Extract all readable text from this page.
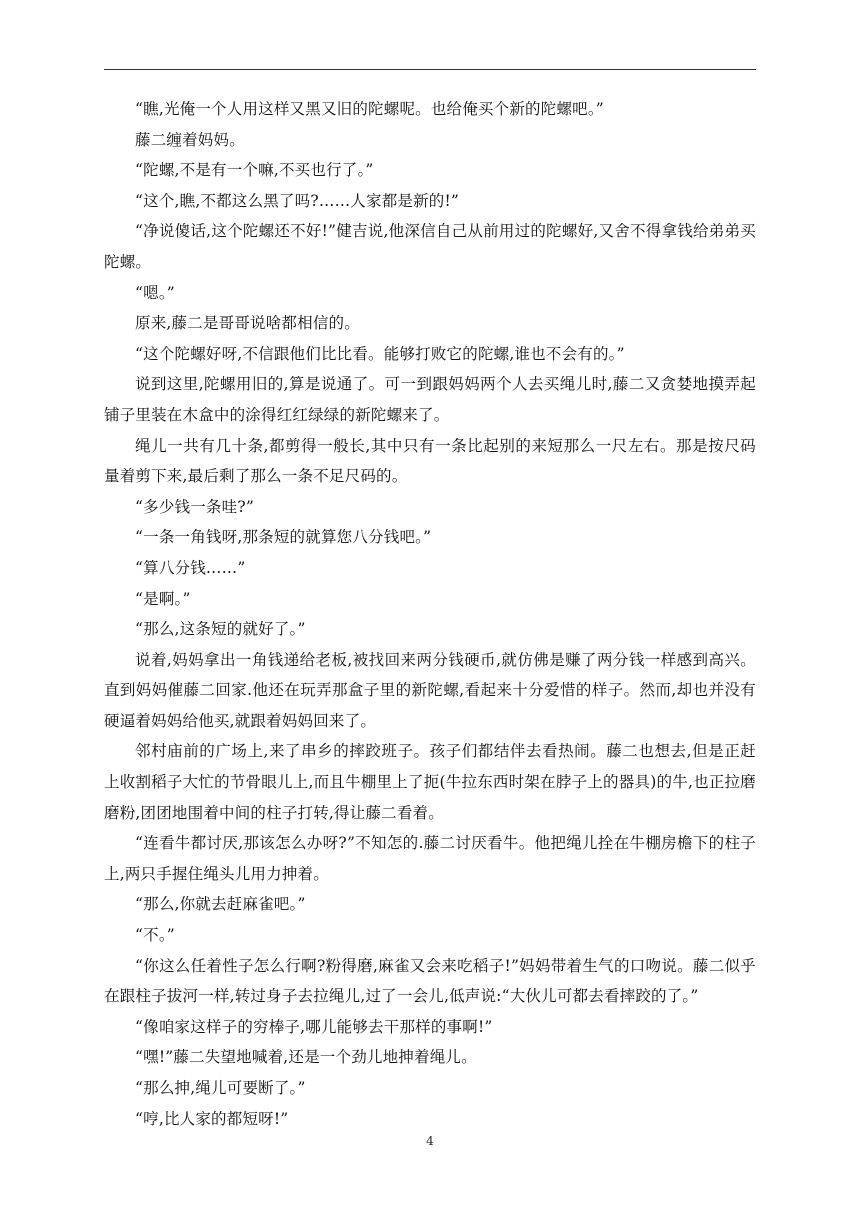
“瞧,光俺一个人用这样又黑又旧的陀螺呢。也给俺买个新的陀螺吧。”

藤二缠着妈妈。

“陀螺,不是有一个嘛,不买也行了。”

“这个,瞧,不都这么黑了吗?……人家都是新的!”

“净说傻话,这个陀螺还不好!”健吉说,他深信自己从前用过的陀螺好,又舍不得拿钱给弟弟买陀螺。

“嗯。”

原来,藤二是哥哥说啥都相信的。

“这个陀螺好呀,不信跟他们比比看。能够打败它的陀螺,谁也不会有的。”

说到这里,陀螺用旧的,算是说通了。可一到跟妈妈两个人去买绳儿时,藤二又贪婪地摸弄起铺子里装在木盒中的涂得红红绿绿的新陀螺来了。

绳儿一共有几十条,都剪得一般长,其中只有一条比起别的来短那么一尺左右。那是按尺码量着剪下来,最后剩了那么一条不足尺码的。

“多少钱一条哇?”

“一条一角钱呀,那条短的就算您八分钱吧。”

“算八分钱……”

“是啊。”

“那么,这条短的就好了。”

说着,妈妈拿出一角钱递给老板,被找回来两分钱硬币,就仿佛是赚了两分钱一样感到高兴。直到妈妈催藤二回家.他还在玩弄那盒子里的新陀螺,看起来十分爱惜的样子。然而,却也并没有硬逼着妈妈给他买,就跟着妈妈回来了。

邻村庙前的广场上,来了串乡的摔跤班子。孩子们都结伴去看热闹。藤二也想去,但是正赶上收割稻子大忙的节骨眼儿上,而且牛棚里上了扼(牛拉东西时架在脖子上的器具)的牛,也正拉磨磨粉,团团地围着中间的柱子打转,得让藤二看着。

“连看牛都讨厌,那该怎么办呀?”不知怎的.藤二讨厌看牛。他把绳儿拴在牛棚房檐下的柱子上,两只手握住绳头儿用力抻着。

“那么,你就去赶麻雀吧。”

“不。”

“你这么任着性子怎么行啊?粉得磨,麻雀又会来吃稻子!”妈妈带着生气的口吻说。藤二似乎在跟柱子拔河一样,转过身子去拉绳儿,过了一会儿,低声说:“大伙儿可都去看摔跤的了。”

“像咱家这样子的穷棒子,哪儿能够去干那样的事啊!”

“嘿!”藤二失望地喊着,还是一个劲儿地抻着绳儿。

“那么抻,绳儿可要断了。”

“哼,比人家的都短呀!”

4
